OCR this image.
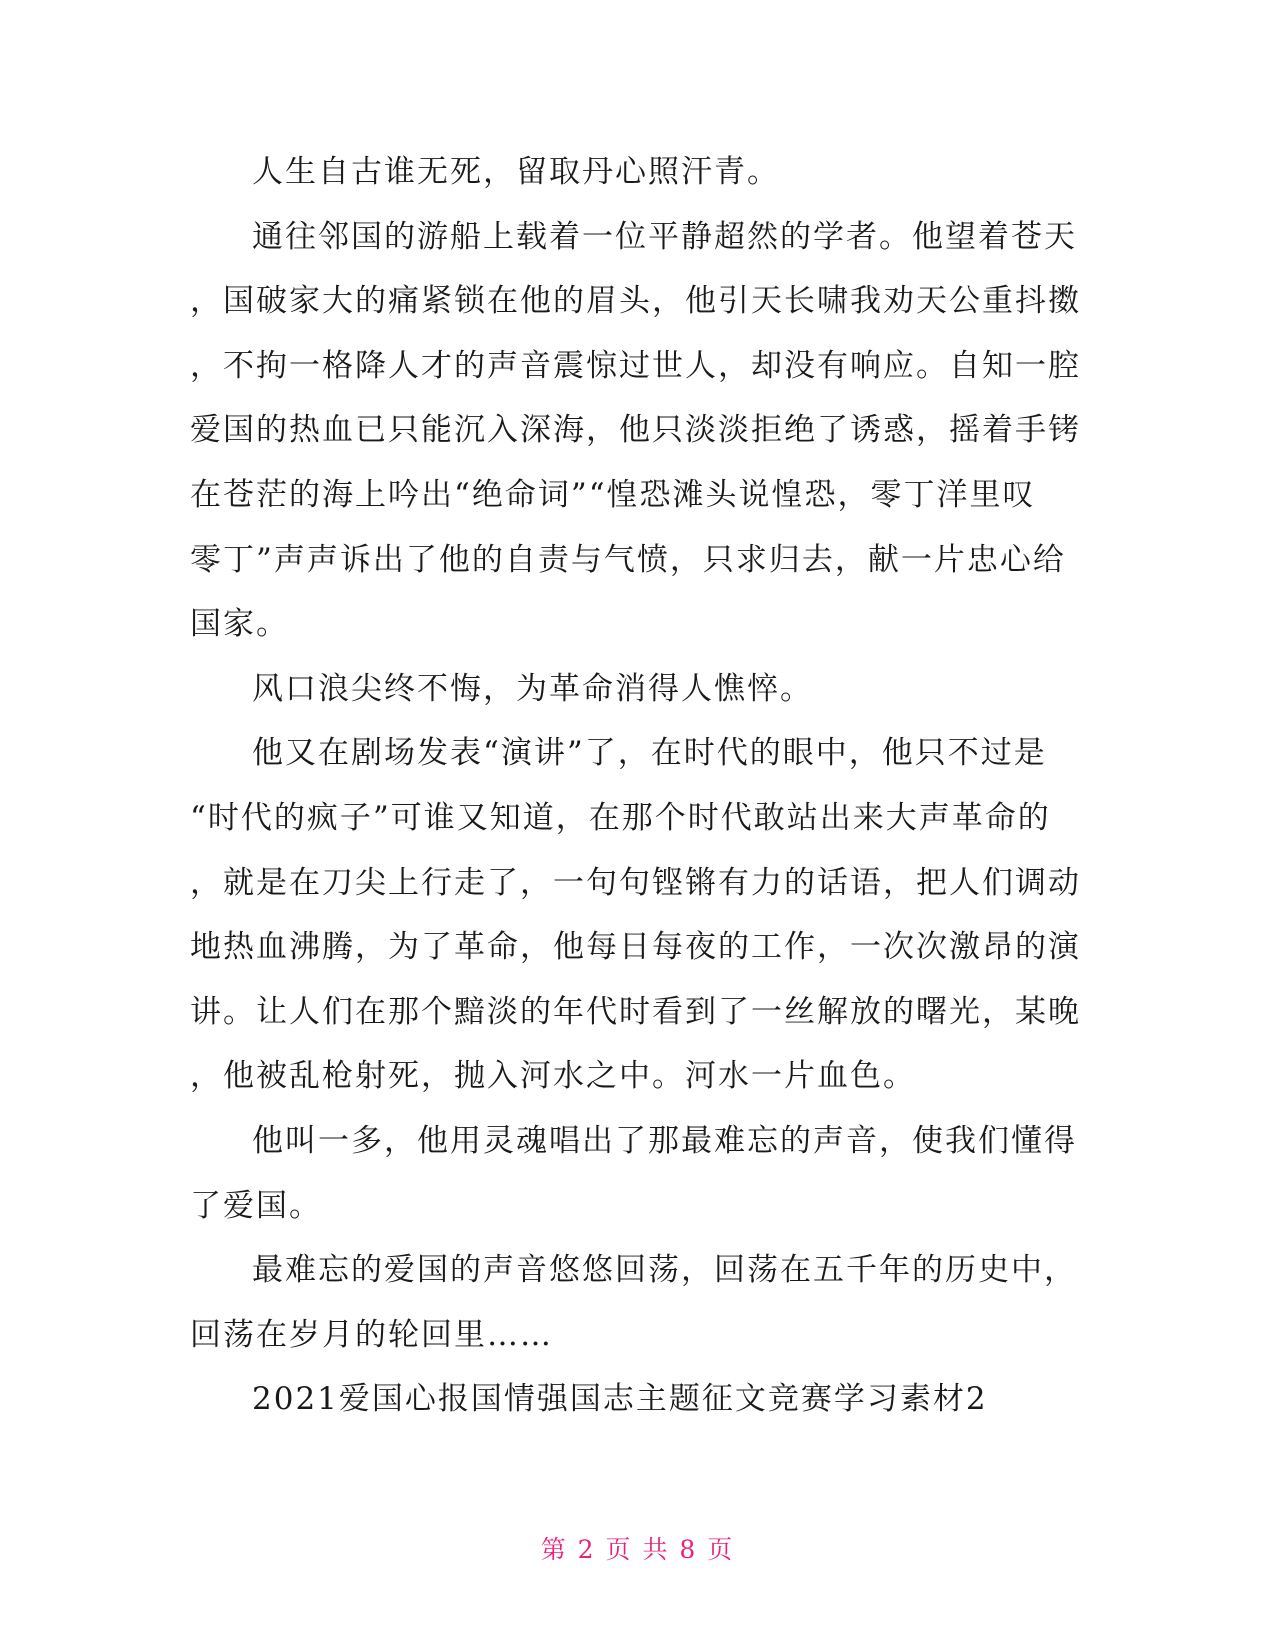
人生自古谁无死，留取丹心照汗青。

通往邻国的游船上载着一位平静超然的学者。他望着苍天
，国破家大的痛紧锁在他的眉头，他引天长啸我劝天公重抖擞
，不拘一格降人才的声音震惊过世人，却没有响应。自知一腔
爱国的热血已只能沉入深海，他只淡淡拒绝了诱惑，摇着手铐
在苍茫的海上吟出“绝命词”“惶恐滩头说惶恐，零丁洋里叹
零丁”声声诉出了他的自责与气愤，只求归去，献一片忠心给
国家。

风口浪尖终不悔，为革命消得人憔悴。

他又在剧场发表“演讲”了，在时代的眼中，他只不过是
“时代的疯子”可谁又知道，在那个时代敢站出来大声革命的
，就是在刀尖上行走了，一句句铿锵有力的话语，把人们调动
地热血沸腾，为了革命，他每日每夜的工作，一次次激昂的演
讲。让人们在那个黯淡的年代时看到了一丝解放的曙光，某晚
，他被乱枪射死，抛入河水之中。河水一片血色。

他叫一多，他用灵魂唱出了那最难忘的声音，使我们懂得
了爱国。

最难忘的爱国的声音悠悠回荡，回荡在五千年的历史中，
回荡在岁月的轮回里……

2021爱国心报国情强国志主题征文竞赛学习素材2

第 2 页 共 8 页
